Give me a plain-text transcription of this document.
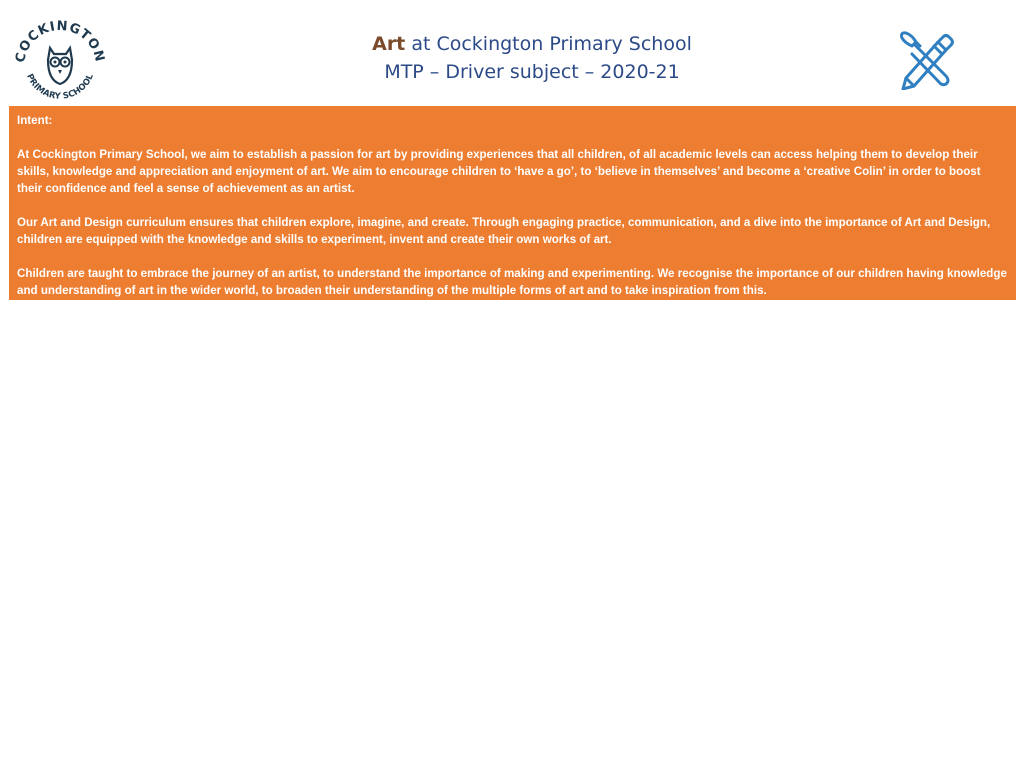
COCKINGTON
PRIMARY SCHOOL
Art at Cockington Primary School
MTP – Driver subject – 2020-21

Intent:

At Cockington Primary School, we aim to establish a passion for art by providing experiences that all children, of all academic levels can access helping them to develop their skills, knowledge and appreciation and enjoyment of art. We aim to encourage children to ‘have a go’, to ‘believe in themselves’ and become a ‘creative Colin’ in order to boost their confidence and feel a sense of achievement as an artist.

Our Art and Design curriculum ensures that children explore, imagine, and create. Through engaging practice, communication, and a dive into the importance of Art and Design, children are equipped with the knowledge and skills to experiment, invent and create their own works of art.

Children are taught to embrace the journey of an artist, to understand the importance of making and experimenting. We recognise the importance of our children having knowledge and understanding of art in the wider world, to broaden their understanding of the multiple forms of art and to take inspiration from this.
